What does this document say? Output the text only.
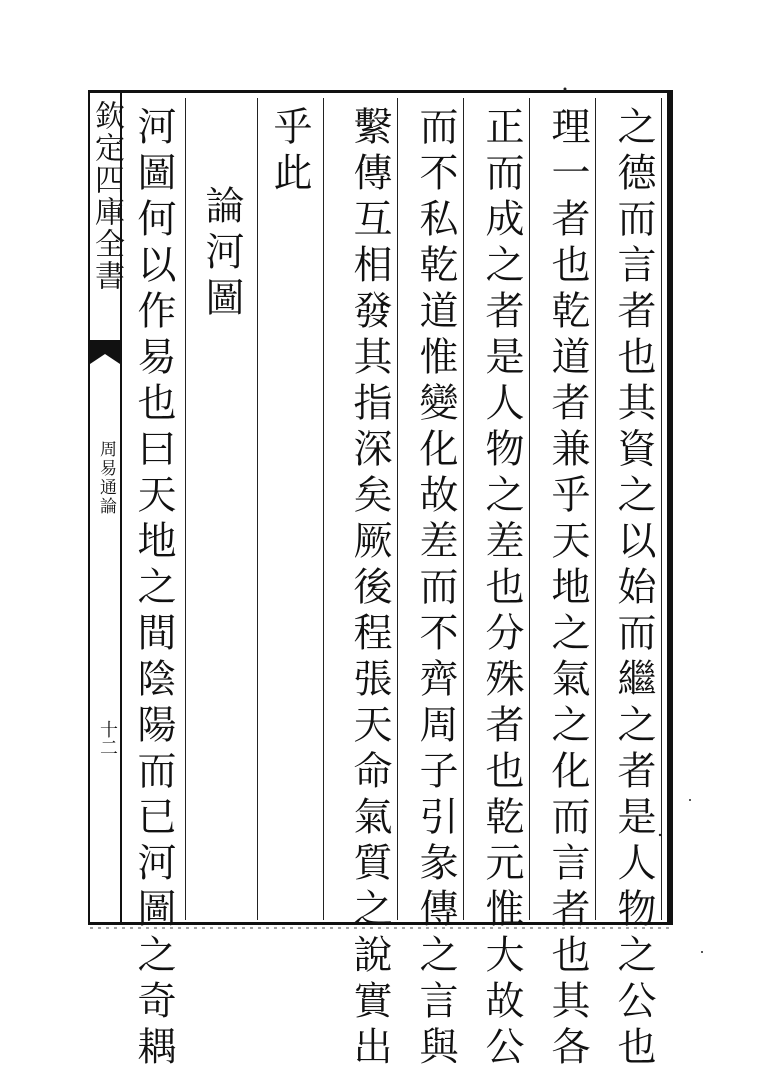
欽定四庫全書
周易通論
十二	之德而言者也其資之以始而繼之者是人物之公也
理一者也乾道者兼乎天地之氣之化而言者也其各
正而成之者是人物之差也分殊者也乾元惟大故公
而不私乾道惟變化故差而不齊周子引彖傳之言與
繫傳互相發其指深矣厥後程張天命氣質之說實出
乎此
論河圖
河圖何以作易也曰天地之間陰陽而已河圖之奇耦
